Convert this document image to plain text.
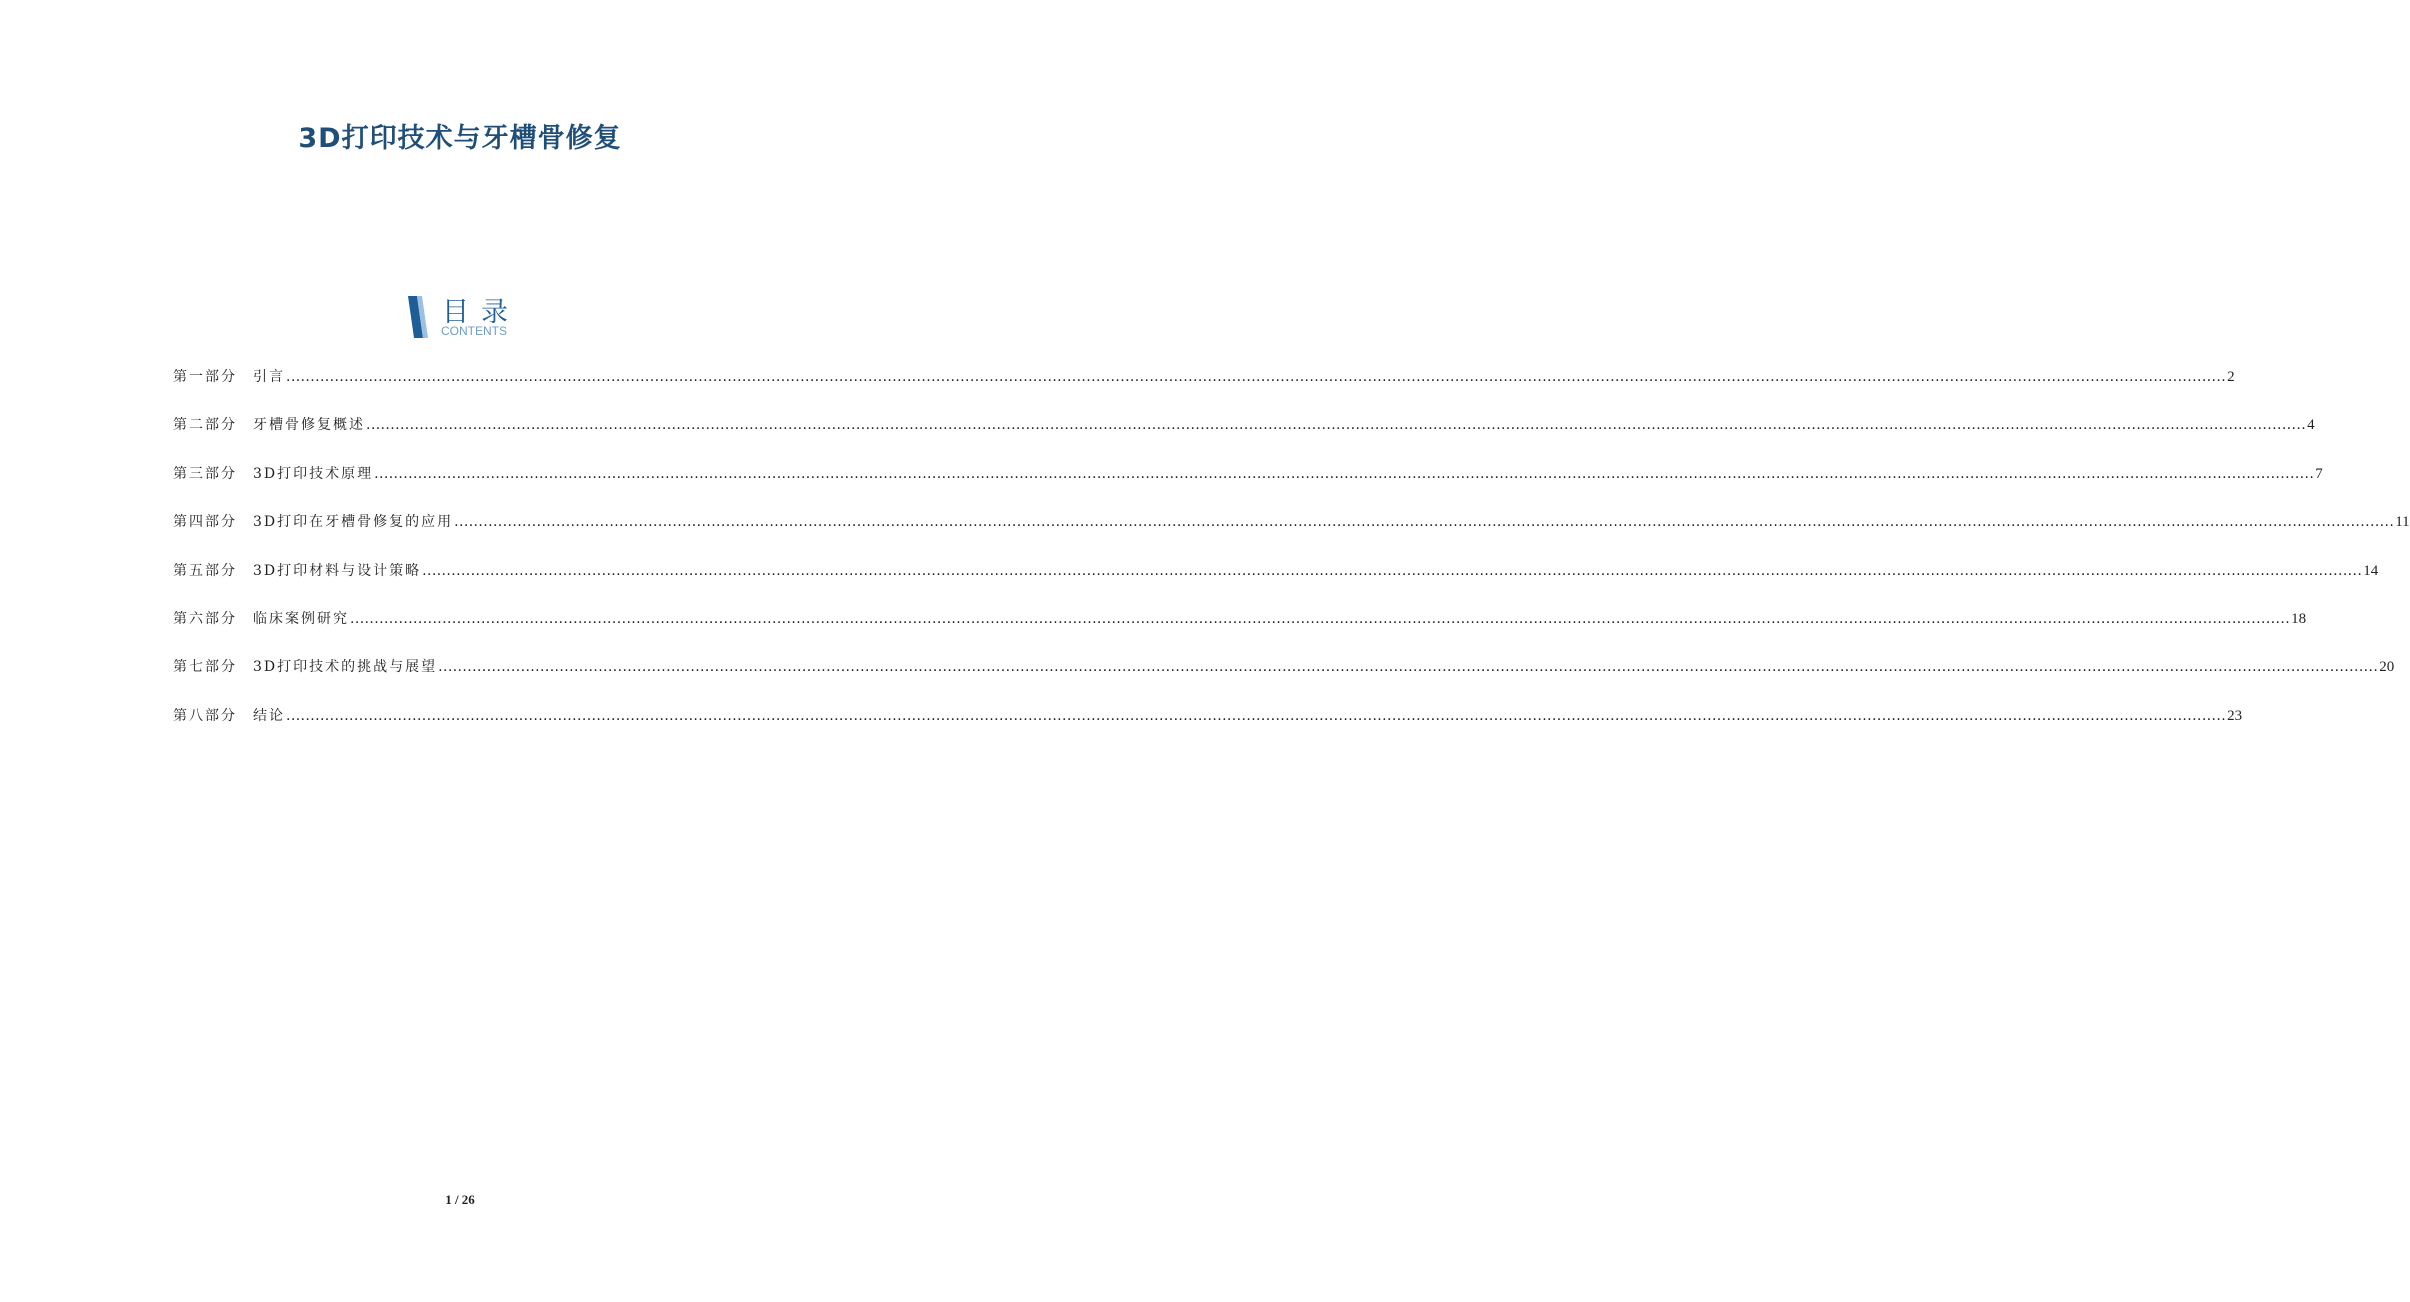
3D打印技术与牙槽骨修复
目录
CONTENTS
第一部分	引言 ................................................................................................................................................................................................................................................................................................................................................................................................................ 2
第二部分	牙槽骨修复概述 ................................................................................................................................................................................................................................................................................................................................................................................................................ 4
第三部分	3D打印技术原理 ................................................................................................................................................................................................................................................................................................................................................................................................................ 7
第四部分	3D打印在牙槽骨修复的应用 ................................................................................................................................................................................................................................................................................................................................................................................................................ 11
第五部分	3D打印材料与设计策略 ................................................................................................................................................................................................................................................................................................................................................................................................................ 14
第六部分	临床案例研究 ................................................................................................................................................................................................................................................................................................................................................................................................................ 18
第七部分	3D打印技术的挑战与展望 ................................................................................................................................................................................................................................................................................................................................................................................................................ 20
第八部分	结论 ................................................................................................................................................................................................................................................................................................................................................................................................................ 23
1 / 26
